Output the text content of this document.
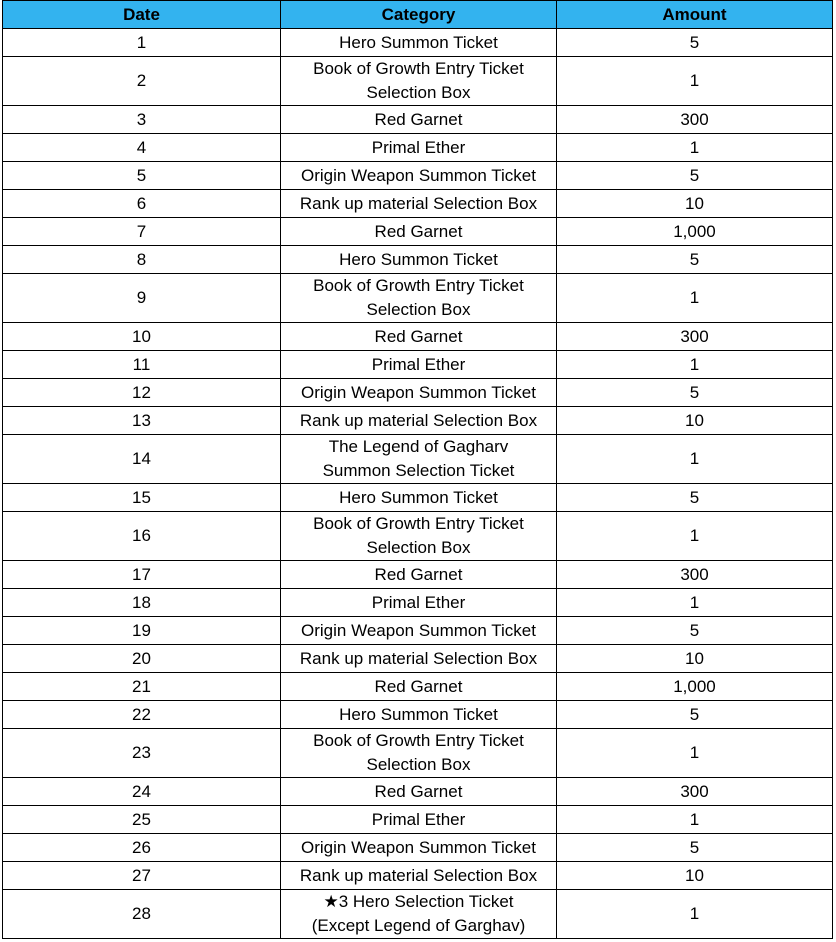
Date	Category	Amount
1	Hero Summon Ticket	5
2	Book of Growth Entry Ticket
Selection Box	1
3	Red Garnet	300
4	Primal Ether	1
5	Origin Weapon Summon Ticket	5
6	Rank up material Selection Box	10
7	Red Garnet	1,000
8	Hero Summon Ticket	5
9	Book of Growth Entry Ticket
Selection Box	1
10	Red Garnet	300
11	Primal Ether	1
12	Origin Weapon Summon Ticket	5
13	Rank up material Selection Box	10
14	The Legend of Gagharv
Summon Selection Ticket	1
15	Hero Summon Ticket	5
16	Book of Growth Entry Ticket
Selection Box	1
17	Red Garnet	300
18	Primal Ether	1
19	Origin Weapon Summon Ticket	5
20	Rank up material Selection Box	10
21	Red Garnet	1,000
22	Hero Summon Ticket	5
23	Book of Growth Entry Ticket
Selection Box	1
24	Red Garnet	300
25	Primal Ether	1
26	Origin Weapon Summon Ticket	5
27	Rank up material Selection Box	10
28	★3 Hero Selection Ticket
(Except Legend of Garghav)	1
